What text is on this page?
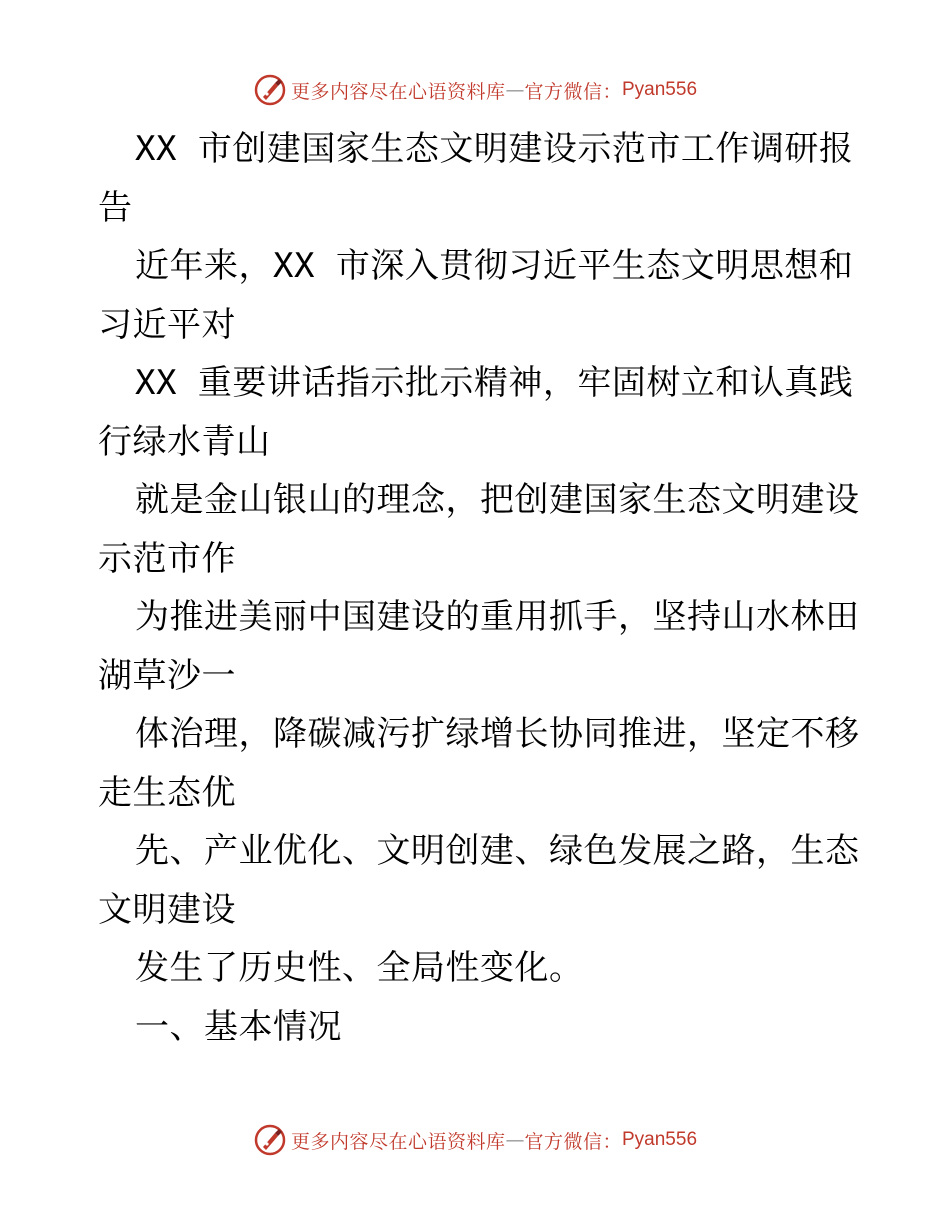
更多内容尽在心语资料库 — 官方微信： Pyan556
XX 市创建国家生态文明建设示范市工作调研报
告
近年来，XX 市深入贯彻习近平生态文明思想和
习近平对
XX 重要讲话指示批示精神，牢固树立和认真践
行绿水青山
就是金山银山的理念，把创建国家生态文明建设
示范市作
为推进美丽中国建设的重用抓手，坚持山水林田
湖草沙一
体治理，降碳减污扩绿增长协同推进，坚定不移
走生态优
先、产业优化、文明创建、绿色发展之路，生态
文明建设
发生了历史性、全局性变化。
一、基本情况
更多内容尽在心语资料库 — 官方微信： Pyan556
